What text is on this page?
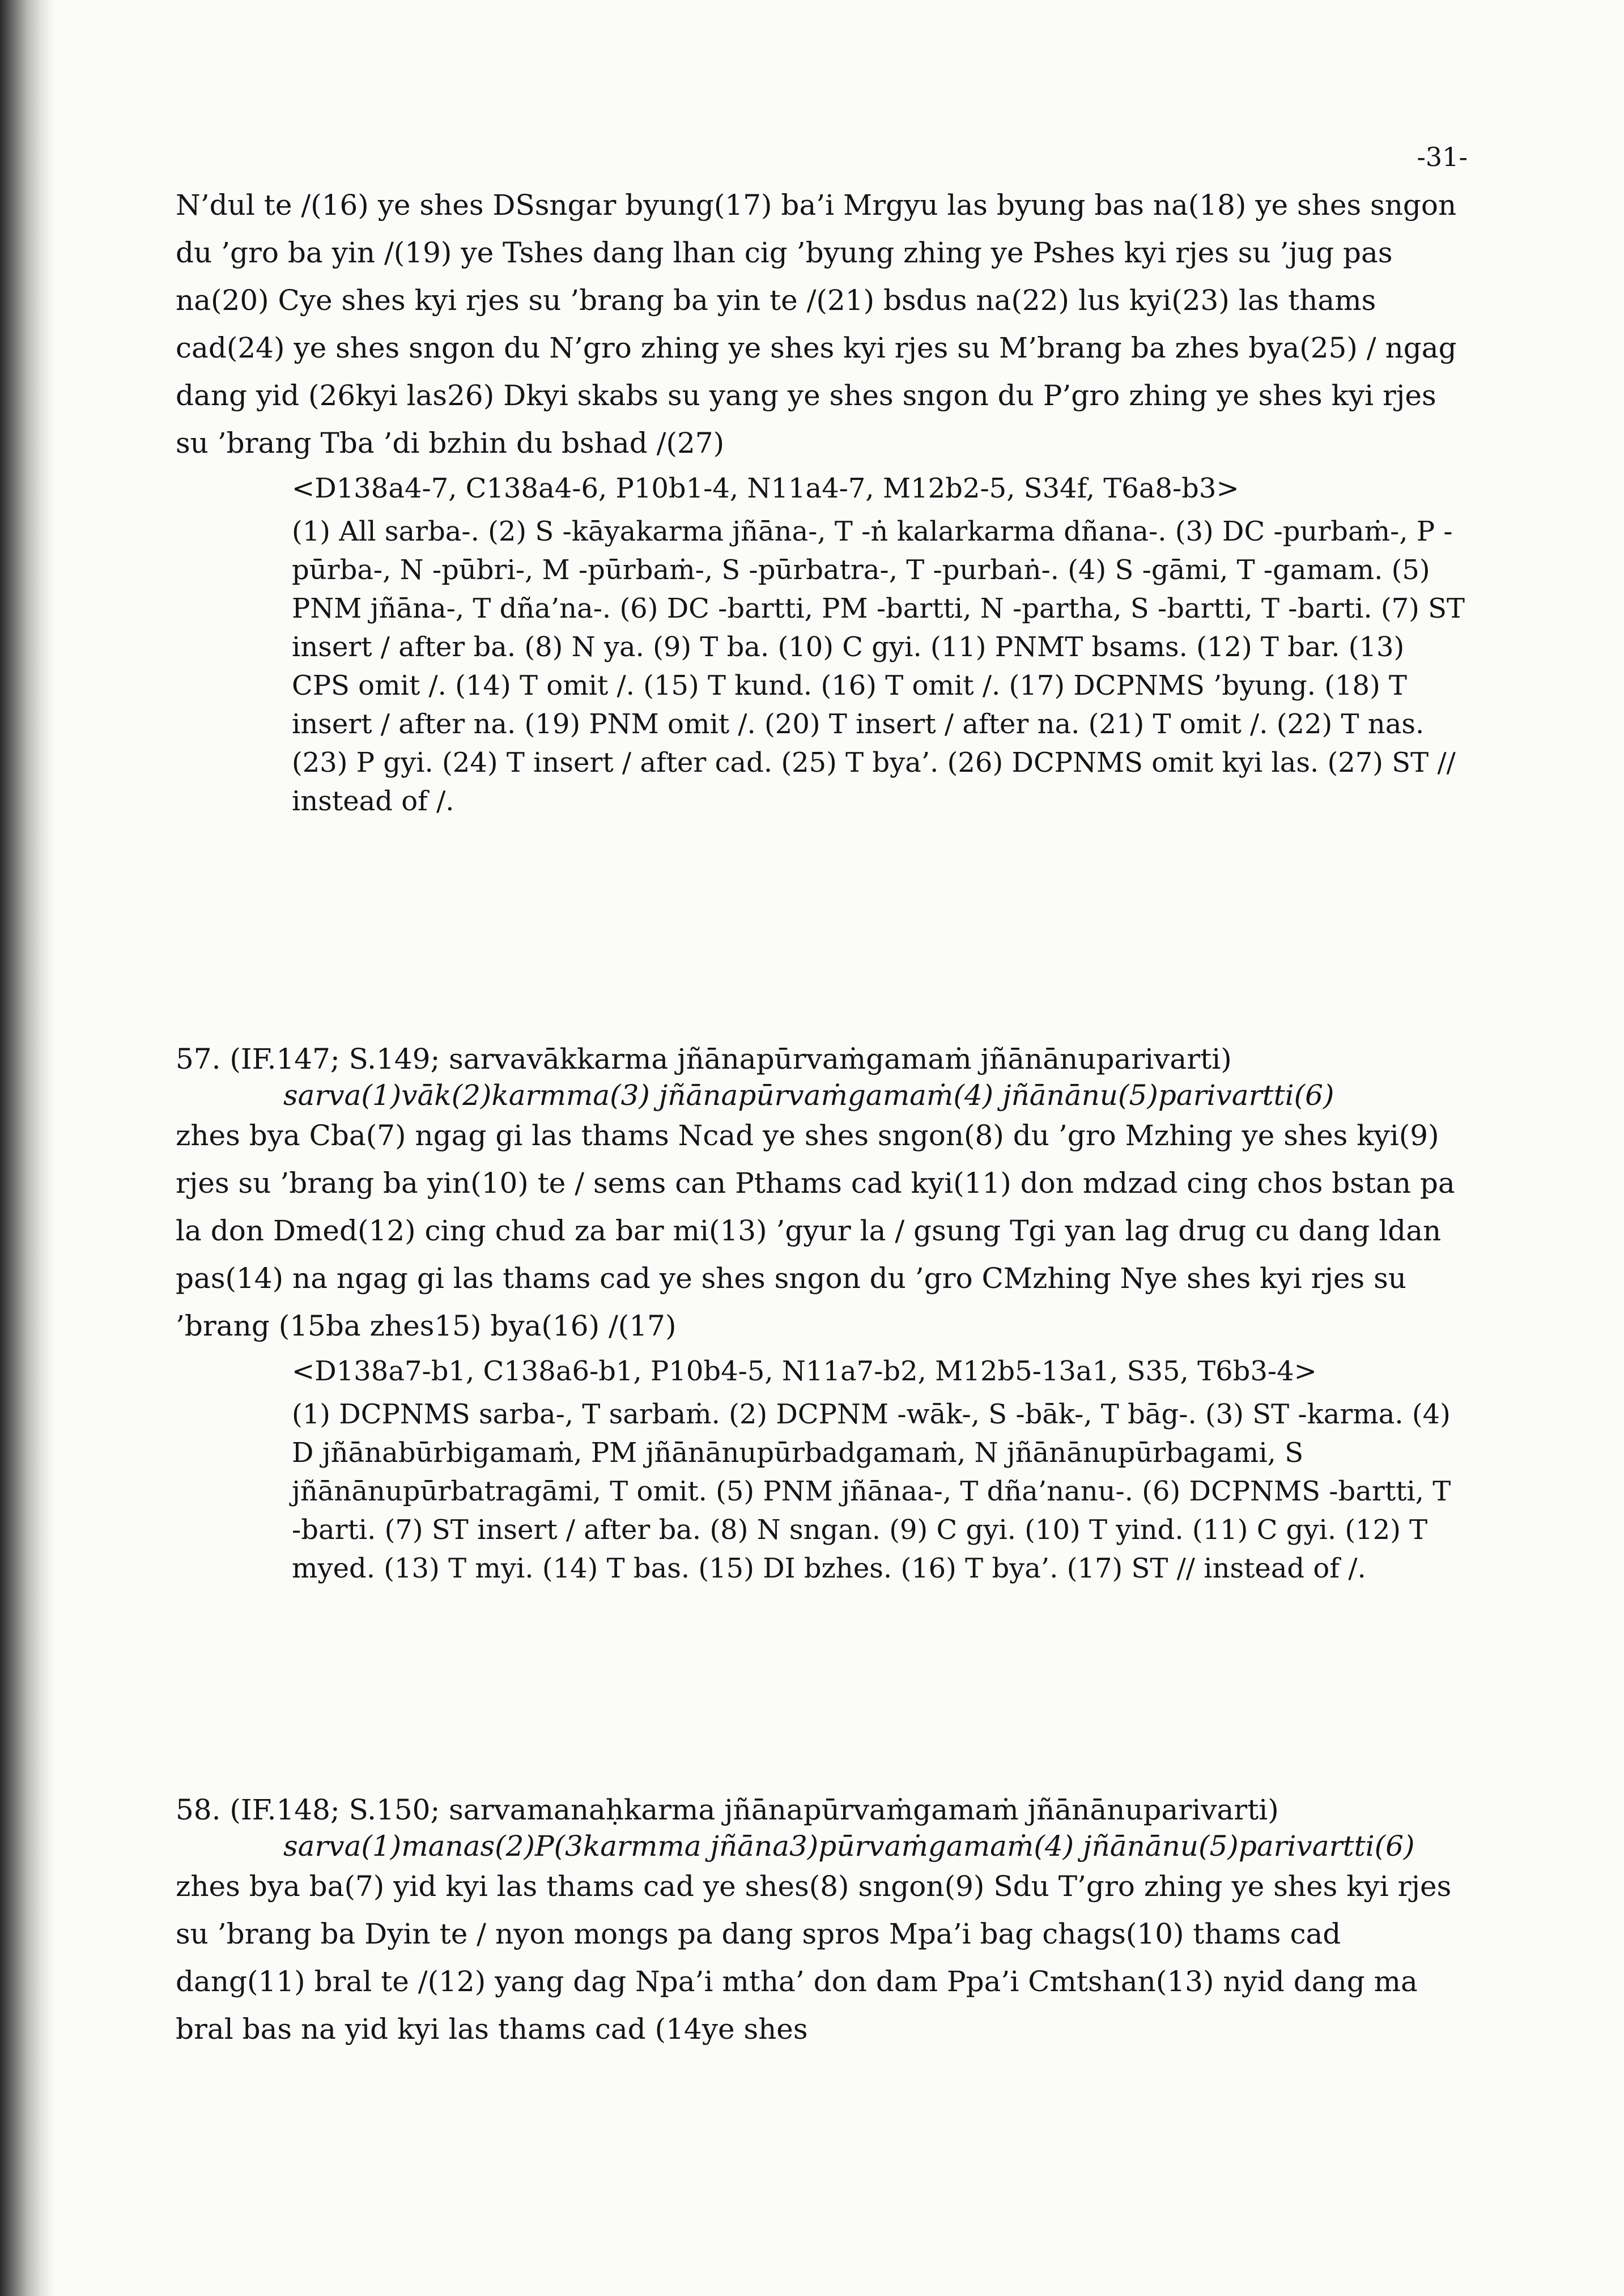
-31-

N’dul te /(16) ye shes DSsngar byung(17) ba’i Mrgyu las byung bas na(18) ye shes sngon du ’gro ba yin /(19) ye Tshes dang lhan cig ’byung zhing ye Pshes kyi rjes su ’jug pas na(20) Cye shes kyi rjes su ’brang ba yin te /(21) bsdus na(22) lus kyi(23) las thams cad(24) ye shes sngon du N’gro zhing ye shes kyi rjes su M’brang ba zhes bya(25) / ngag dang yid (26kyi las26) Dkyi skabs su yang ye shes sngon du P’gro zhing ye shes kyi rjes su ’brang Tba ’di bzhin du bshad /(27)

<D138a4-7, C138a4-6, P10b1-4, N11a4-7, M12b2-5, S34f, T6a8-b3>

(1) All sarba-. (2) S -kāyakarma jñāna-, T -ṅ kalarkarma dñana-. (3) DC -purbaṁ-, P -pūrba-, N -pūbri-, M -pūrbaṁ-, S -pūrbatra-, T -purbaṅ-. (4) S -gāmi, T -gamam. (5) PNM jñāna-, T dña’na-. (6) DC -bartti, PM -bartti, N -partha, S -bartti, T -barti. (7) ST insert / after ba. (8) N ya. (9) T ba. (10) C gyi. (11) PNMT bsams. (12) T bar. (13) CPS omit /. (14) T omit /. (15) T kund. (16) T omit /. (17) DCPNMS ’byung. (18) T insert / after na. (19) PNM omit /. (20) T insert / after na. (21) T omit /. (22) T nas. (23) P gyi. (24) T insert / after cad. (25) T bya’. (26) DCPNMS omit kyi las. (27) ST // instead of /.

57. (IF.147; S.149; sarvavākkarma jñānapūrvaṁgamaṁ jñānānuparivarti)

sarva(1)vāk(2)karmma(3) jñānapūrvaṁgamaṁ(4) jñānānu(5)parivartti(6)

zhes bya Cba(7) ngag gi las thams Ncad ye shes sngon(8) du ’gro Mzhing ye shes kyi(9) rjes su ’brang ba yin(10) te / sems can Pthams cad kyi(11) don mdzad cing chos bstan pa la don Dmed(12) cing chud za bar mi(13) ’gyur la / gsung Tgi yan lag drug cu dang ldan pas(14) na ngag gi las thams cad ye shes sngon du ’gro CMzhing Nye shes kyi rjes su ’brang (15ba zhes15) bya(16) /(17)

<D138a7-b1, C138a6-b1, P10b4-5, N11a7-b2, M12b5-13a1, S35, T6b3-4>

(1) DCPNMS sarba-, T sarbaṁ. (2) DCPNM -wāk-, S -bāk-, T bāg-. (3) ST -karma. (4) D jñānabūrbigamaṁ, PM jñānānupūrbadgamaṁ, N jñānānupūrbagami, S jñānānupūrbatragāmi, T omit. (5) PNM jñānaa-, T dña’nanu-. (6) DCPNMS -bartti, T -barti. (7) ST insert / after ba. (8) N sngan. (9) C gyi. (10) T yind. (11) C gyi. (12) T myed. (13) T myi. (14) T bas. (15) DI bzhes. (16) T bya’. (17) ST // instead of /.

58. (IF.148; S.150; sarvamanaḥkarma jñānapūrvaṁgamaṁ jñānānuparivarti)

sarva(1)manas(2)P(3karmma jñāna3)pūrvaṁgamaṁ(4) jñānānu(5)parivartti(6)

zhes bya ba(7) yid kyi las thams cad ye shes(8) sngon(9) Sdu T’gro zhing ye shes kyi rjes su ’brang ba Dyin te / nyon mongs pa dang spros Mpa’i bag chags(10) thams cad dang(11) bral te /(12) yang dag Npa’i mtha’ don dam Ppa’i Cmtshan(13) nyid dang ma bral bas na yid kyi las thams cad (14ye shes
